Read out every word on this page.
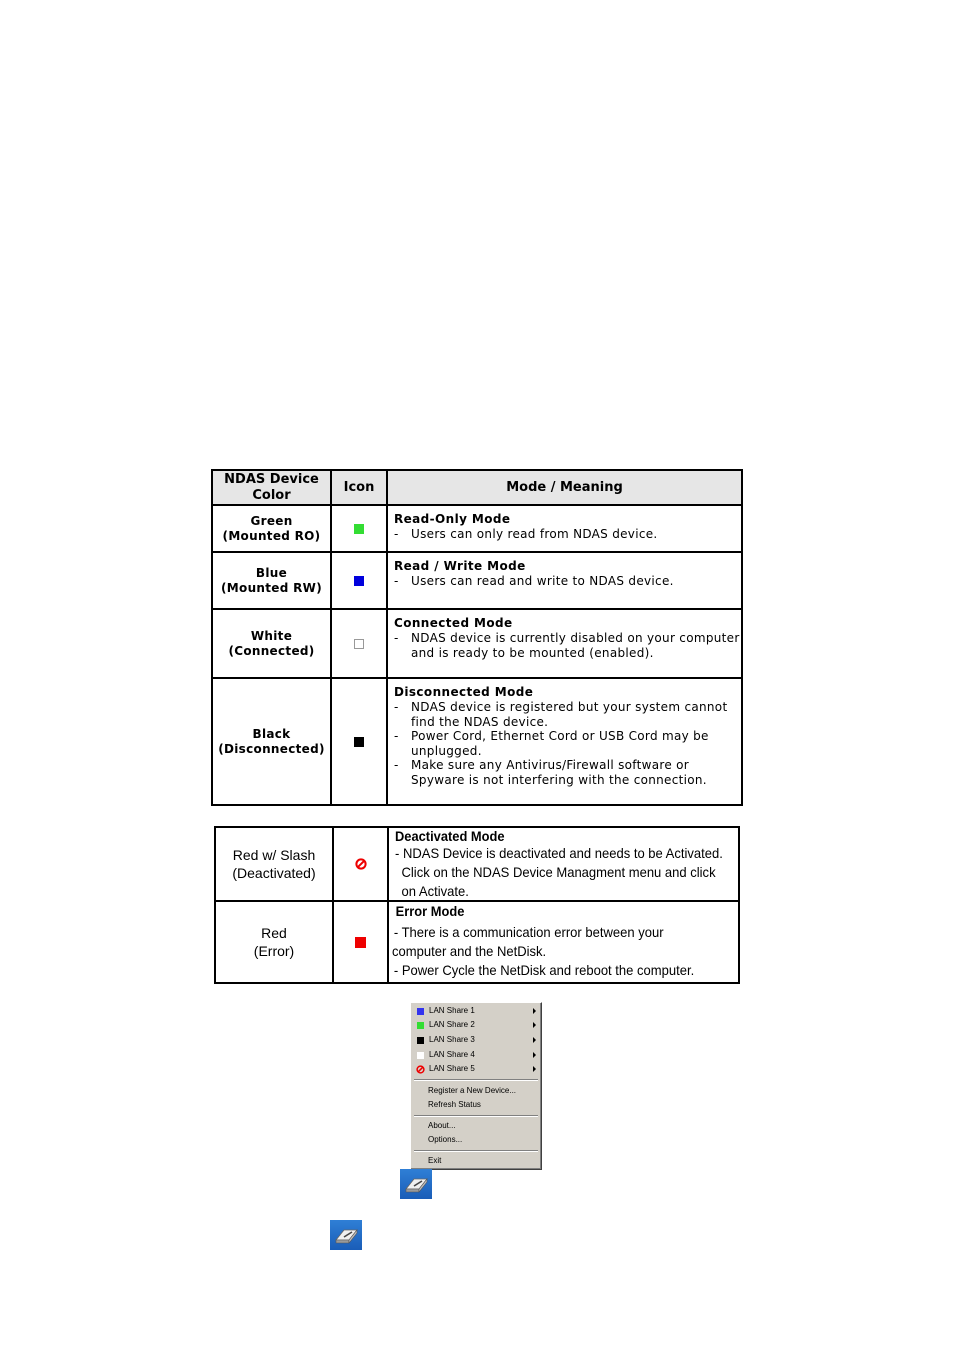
NDAS Device Color	Icon	Mode / Meaning
Green
(Mounted RO)
Read-Only Mode
- Users can only read from NDAS device.
Blue
(Mounted RW)
Read / Write Mode
- Users can read and write to NDAS device.
White
(Connected)
Connected Mode
- NDAS device is currently disabled on your computer and is ready to be mounted (enabled).
Black
(Disconnected)
Disconnected Mode
- NDAS device is registered but your system cannot find the NDAS device.
- Power Cord, Ethernet Cord or USB Cord may be unplugged.
- Make sure any Antivirus/Firewall software or Spyware is not interfering with the connection.
Red w/ Slash
(Deactivated)
Deactivated Mode
- NDAS Device is deactivated and needs to be Activated.
Click on the NDAS Device Managment menu and click
on Activate.
Red
(Error)
Error Mode
- There is a communication error between your
computer and the NetDisk.
- Power Cycle the NetDisk and reboot the computer.
LAN Share 1
LAN Share 2
LAN Share 3
LAN Share 4
LAN Share 5
Register a New Device...
Refresh Status
About...
Options...
Exit
